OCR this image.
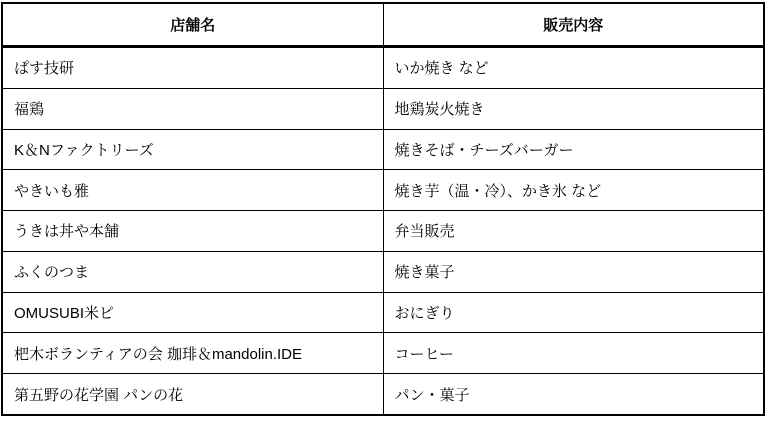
店舗名	販売内容
ぱす技研	いか焼き など
福鶏	地鶏炭火焼き
K＆Nファクトリーズ	焼きそば・チーズバーガー
やきいも雅	焼き芋（温・冷）、かき氷 など
うきは丼や本舗	弁当販売
ふくのつま	焼き菓子
OMUSUBI米ピ	おにぎり
杷木ボランティアの会 珈琲＆mandolin.IDE	コーヒー
第五野の花学園 パンの花	パン・菓子
